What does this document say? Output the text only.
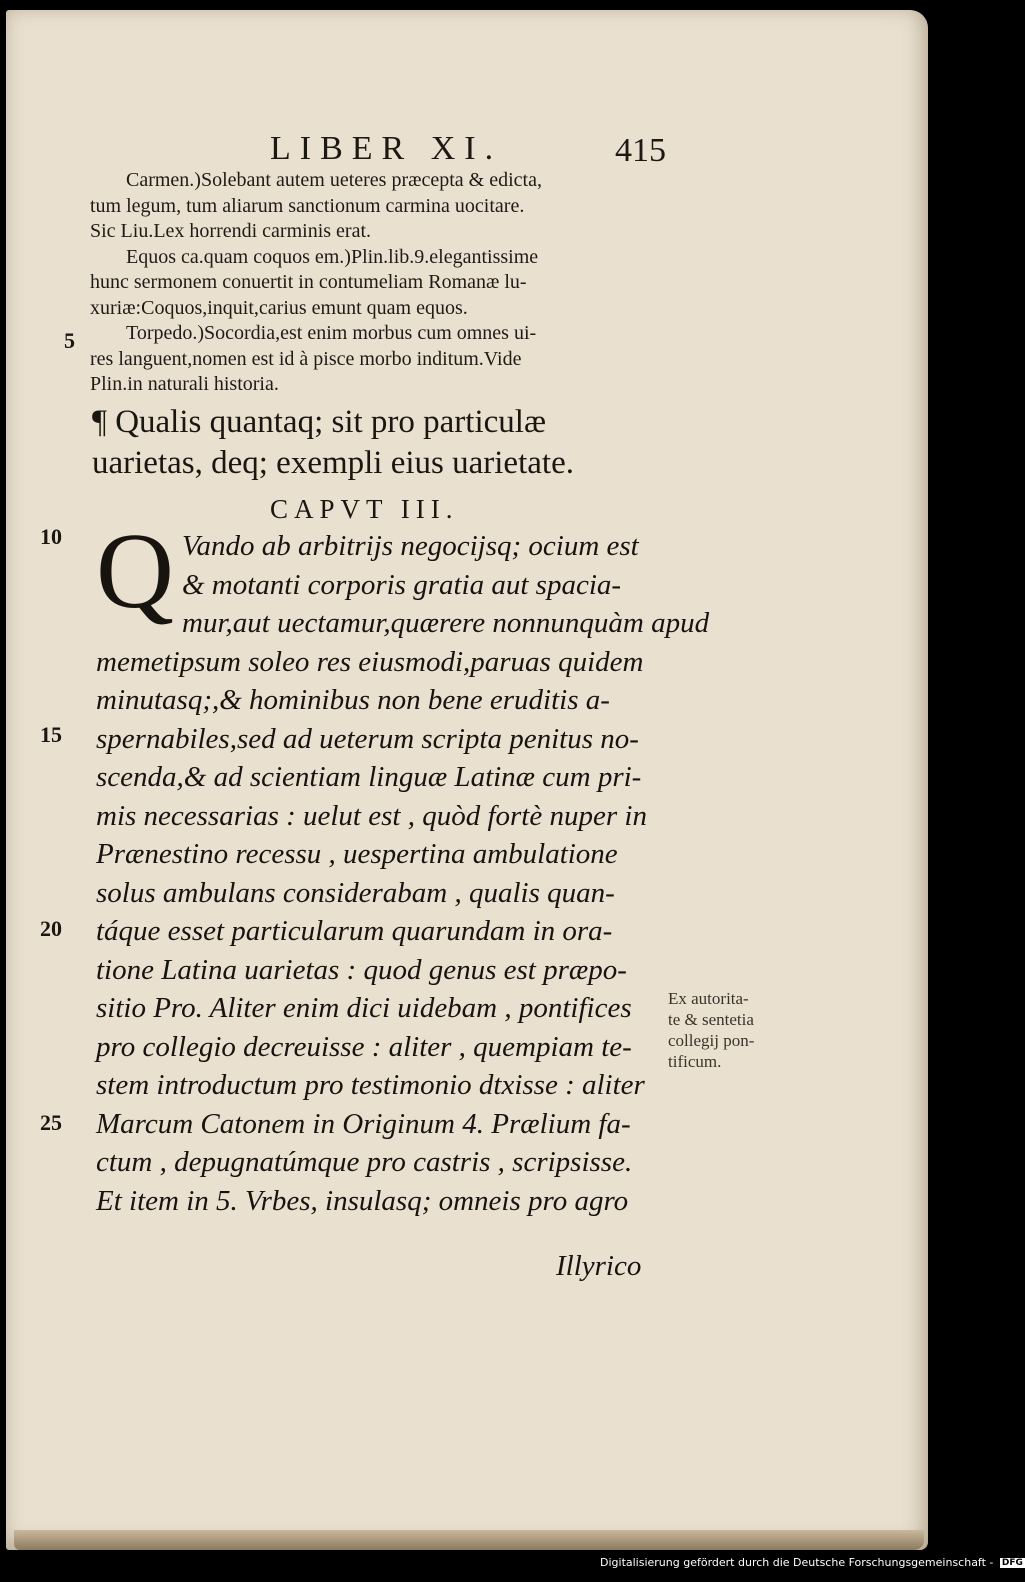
LIBER XI.	415

Carmen.)Solebant autem ueteres præcepta & edicta,

tum legum, tum aliarum sanctionum carmina uocitare.

Sic Liu.Lex horrendi carminis erat.

Equos ca.quam coquos em.)Plin.lib.9.elegantissime

hunc sermonem conuertit in contumeliam Romanæ lu-

xuriæ:Coquos,inquit,carius emunt quam equos.

Torpedo.)Socordia,est enim morbus cum omnes ui-

res languent,nomen est id à pisce morbo inditum.Vide

Plin.in naturali historia.

5

¶ Qualis quantaq; sit pro particulæ

uarietas, deq; exempli eius uarietate.

CAPVT III.
10
15
20
25
Q Vando ab arbitrijs negocijsq; ocium est

& motanti corporis gratia aut spacia-

mur,aut uectamur,quærere nonnunquàm apud

memetipsum soleo res eiusmodi,paruas quidem

minutasq;,& hominibus non bene eruditis a-

spernabiles,sed ad ueterum scripta penitus no-

scenda,& ad scientiam linguæ Latinæ cum pri-

mis necessarias : uelut est , quòd fortè nuper in

Prænestino recessu , uespertina ambulatione

solus ambulans considerabam , qualis quan-

táque esset particularum quarundam in ora-

tione Latina uarietas : quod genus est præpo-

sitio Pro. Aliter enim dici uidebam , pontifices

pro collegio decreuisse : aliter , quempiam te-

stem introductum pro testimonio dtxisse : aliter

Marcum Catonem in Originum 4. Prælium fa-

ctum , depugnatúmque pro castris , scripsisse.

Et item in 5. Vrbes, insulasq; omneis pro agro

Illyrico

Ex autorita-

te & sentetia

collegij pon-

tificum.

Digitalisierung gefördert durch die Deutsche Forschungsgemeinschaft - DFG
